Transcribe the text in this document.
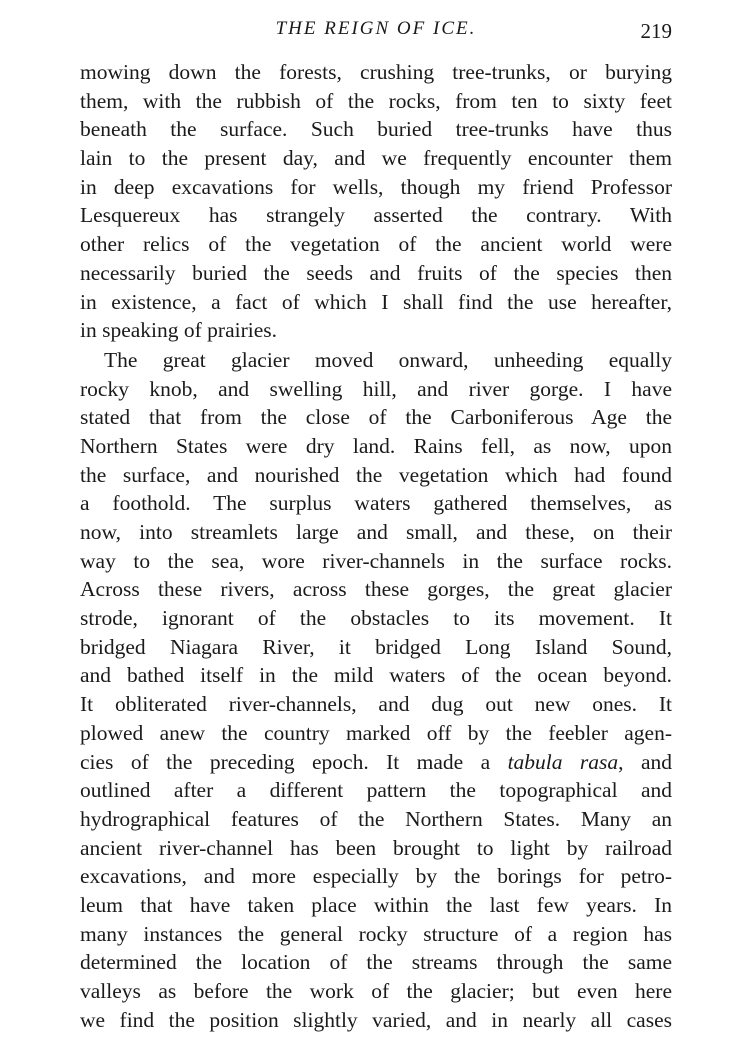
THE REIGN OF ICE.	219
mowing down the forests, crushing tree-trunks, or burying
them, with the rubbish of the rocks, from ten to sixty feet
beneath the surface. Such buried tree-trunks have thus
lain to the present day, and we frequently encounter them
in deep excavations for wells, though my friend Professor
Lesquereux has strangely asserted the contrary. With
other relics of the vegetation of the ancient world were
necessarily buried the seeds and fruits of the species then
in existence, a fact of which I shall find the use hereafter,
in speaking of prairies.
The great glacier moved onward, unheeding equally
rocky knob, and swelling hill, and river gorge. I have
stated that from the close of the Carboniferous Age the
Northern States were dry land. Rains fell, as now, upon
the surface, and nourished the vegetation which had found
a foothold. The surplus waters gathered themselves, as
now, into streamlets large and small, and these, on their
way to the sea, wore river-channels in the surface rocks.
Across these rivers, across these gorges, the great glacier
strode, ignorant of the obstacles to its movement. It
bridged Niagara River, it bridged Long Island Sound,
and bathed itself in the mild waters of the ocean beyond.
It obliterated river-channels, and dug out new ones. It
plowed anew the country marked off by the feebler agen-
cies of the preceding epoch. It made a tabula rasa, and
outlined after a different pattern the topographical and
hydrographical features of the Northern States. Many an
ancient river-channel has been brought to light by railroad
excavations, and more especially by the borings for petro-
leum that have taken place within the last few years. In
many instances the general rocky structure of a region has
determined the location of the streams through the same
valleys as before the work of the glacier; but even here
we find the position slightly varied, and in nearly all cases
